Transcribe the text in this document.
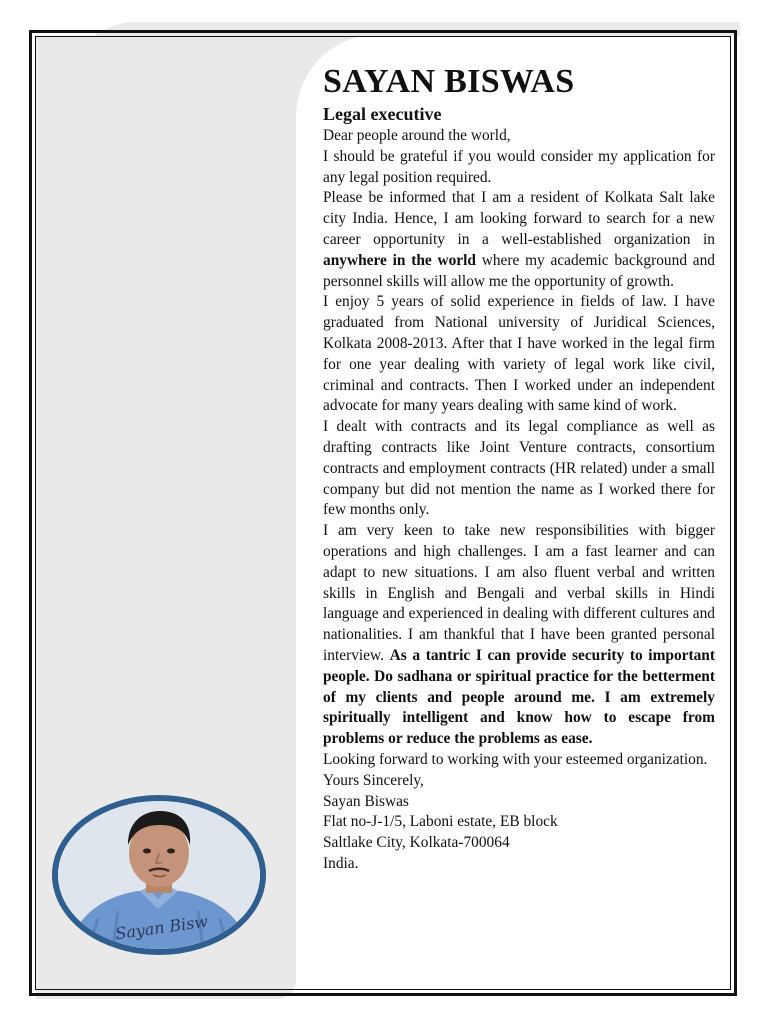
SAYAN BISWAS
Legal executive

Dear people around the world,

I should be grateful if you would consider my application for any legal position required.

Please be informed that I am a resident of Kolkata Salt lake city India. Hence, I am looking forward to search for a new career opportunity in a well-established organization in anywhere in the world where my academic background and personnel skills will allow me the opportunity of growth.

I enjoy 5 years of solid experience in fields of law. I have graduated from National university of Juridical Sciences, Kolkata 2008-2013. After that I have worked in the legal firm for one year dealing with variety of legal work like civil, criminal and contracts. Then I worked under an independent advocate for many years dealing with same kind of work.

I dealt with contracts and its legal compliance as well as drafting contracts like Joint Venture contracts, consortium contracts and employment contracts (HR related) under a small company but did not mention the name as I worked there for few months only.

I am very keen to take new responsibilities with bigger operations and high challenges. I am a fast learner and can adapt to new situations. I am also fluent verbal and written skills in English and Bengali and verbal skills in Hindi language and experienced in dealing with different cultures and nationalities. I am thankful that I have been granted personal interview. As a tantric I can provide security to important people. Do sadhana or spiritual practice for the betterment of my clients and people around me. I am extremely spiritually intelligent and know how to escape from problems or reduce the problems as ease.

Looking forward to working with your esteemed organization.

Yours Sincerely,

Sayan Biswas

Flat no-J-1/5, Laboni estate, EB block

Saltlake City, Kolkata-700064

India.

Sayan Bisw
